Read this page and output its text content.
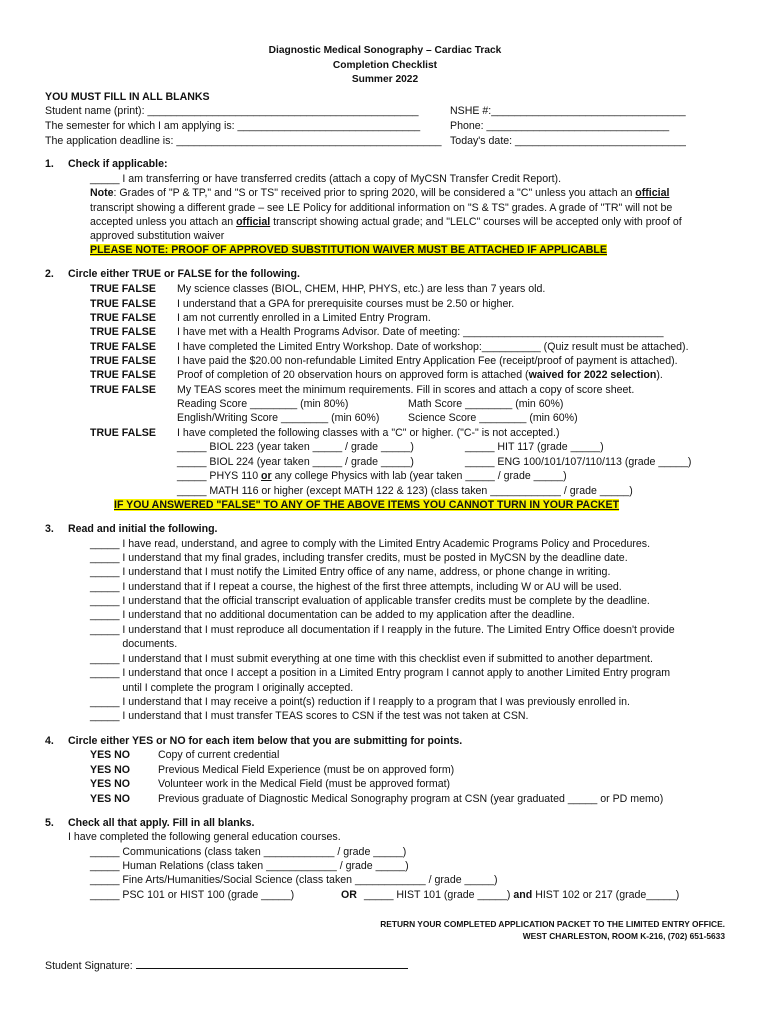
Diagnostic Medical Sonography – Cardiac Track
Completion Checklist
Summer 2022
YOU MUST FILL IN ALL BLANKS
Student name (print): ______________________________________________	NSHE #:_________________________________
The semester for which I am applying is: _______________________________	Phone: _______________________________
The application deadline is: _____________________________________________ Today's date: _____________________________
1. Check if applicable:
_____ I am transferring or have transferred credits (attach a copy of MyCSN Transfer Credit Report).
Note: Grades of "P & TP," and "S or TS" received prior to spring 2020, will be considered a "C" unless you attach an official
transcript showing a different grade – see LE Policy for additional information on "S & TS" grades. A grade of "TR" will not be
accepted unless you attach an official transcript showing actual grade; and "LELC" courses will be accepted only with proof of
approved substitution waiver
PLEASE NOTE: PROOF OF APPROVED SUBSTITUTION WAIVER MUST BE ATTACHED IF APPLICABLE
2. Circle either TRUE or FALSE for the following.
TRUE FALSE My science classes (BIOL, CHEM, HHP, PHYS, etc.) are less than 7 years old.
TRUE FALSE I understand that a GPA for prerequisite courses must be 2.50 or higher.
TRUE FALSE I am not currently enrolled in a Limited Entry Program.
TRUE FALSE I have met with a Health Programs Advisor. Date of meeting: __________________________________
TRUE FALSE I have completed the Limited Entry Workshop. Date of workshop:__________ (Quiz result must be attached).
TRUE FALSE I have paid the $20.00 non-refundable Limited Entry Application Fee (receipt/proof of payment is attached).
TRUE FALSE Proof of completion of 20 observation hours on approved form is attached (waived for 2022 selection).
TRUE FALSE My TEAS scores meet the minimum requirements. Fill in scores and attach a copy of score sheet.
Reading Score ________ (min 80%)	Math Score ________ (min 60%)
English/Writing Score ________ (min 60%)	Science Score ________ (min 60%)
TRUE FALSE I have completed the following classes with a "C" or higher. ("C-" is not accepted.)
_____ BIOL 223 (year taken _____ / grade _____)	_____ HIT 117 (grade _____)
_____ BIOL 224 (year taken _____ / grade _____)	_____ ENG 100/101/107/110/113 (grade _____)
_____ PHYS 110 or any college Physics with lab (year taken _____ / grade _____)
_____ MATH 116 or higher (except MATH 122 & 123) (class taken ____________ / grade _____)
IF YOU ANSWERED "FALSE" TO ANY OF THE ABOVE ITEMS YOU CANNOT TURN IN YOUR PACKET
3. Read and initial the following.
_____ I have read, understand, and agree to comply with the Limited Entry Academic Programs Policy and Procedures.
_____ I understand that my final grades, including transfer credits, must be posted in MyCSN by the deadline date.
_____ I understand that I must notify the Limited Entry office of any name, address, or phone change in writing.
_____ I understand that if I repeat a course, the highest of the first three attempts, including W or AU will be used.
_____ I understand that the official transcript evaluation of applicable transfer credits must be complete by the deadline.
_____ I understand that no additional documentation can be added to my application after the deadline.
_____ I understand that I must reproduce all documentation if I reapply in the future. The Limited Entry Office doesn't provide
documents.
_____ I understand that I must submit everything at one time with this checklist even if submitted to another department.
_____ I understand that once I accept a position in a Limited Entry program I cannot apply to another Limited Entry program
until I complete the program I originally accepted.
_____ I understand that I may receive a point(s) reduction if I reapply to a program that I was previously enrolled in.
_____ I understand that I must transfer TEAS scores to CSN if the test was not taken at CSN.
4. Circle either YES or NO for each item below that you are submitting for points.
YES NO	Copy of current credential
YES NO	Previous Medical Field Experience (must be on approved form)
YES NO	Volunteer work in the Medical Field (must be approved format)
YES NO	Previous graduate of Diagnostic Medical Sonography program at CSN (year graduated _____ or PD memo)
5. Check all that apply. Fill in all blanks.
I have completed the following general education courses.
_____ Communications (class taken ____________ / grade _____)
_____ Human Relations (class taken ____________ / grade _____)
_____ Fine Arts/Humanities/Social Science (class taken ____________ / grade _____)
_____ PSC 101 or HIST 100 (grade _____)	OR _____ HIST 101 (grade _____) and HIST 102 or 217 (grade_____)
RETURN YOUR COMPLETED APPLICATION PACKET TO THE LIMITED ENTRY OFFICE.
WEST CHARLESTON, ROOM K-216, (702) 651-5633
Student Signature:
